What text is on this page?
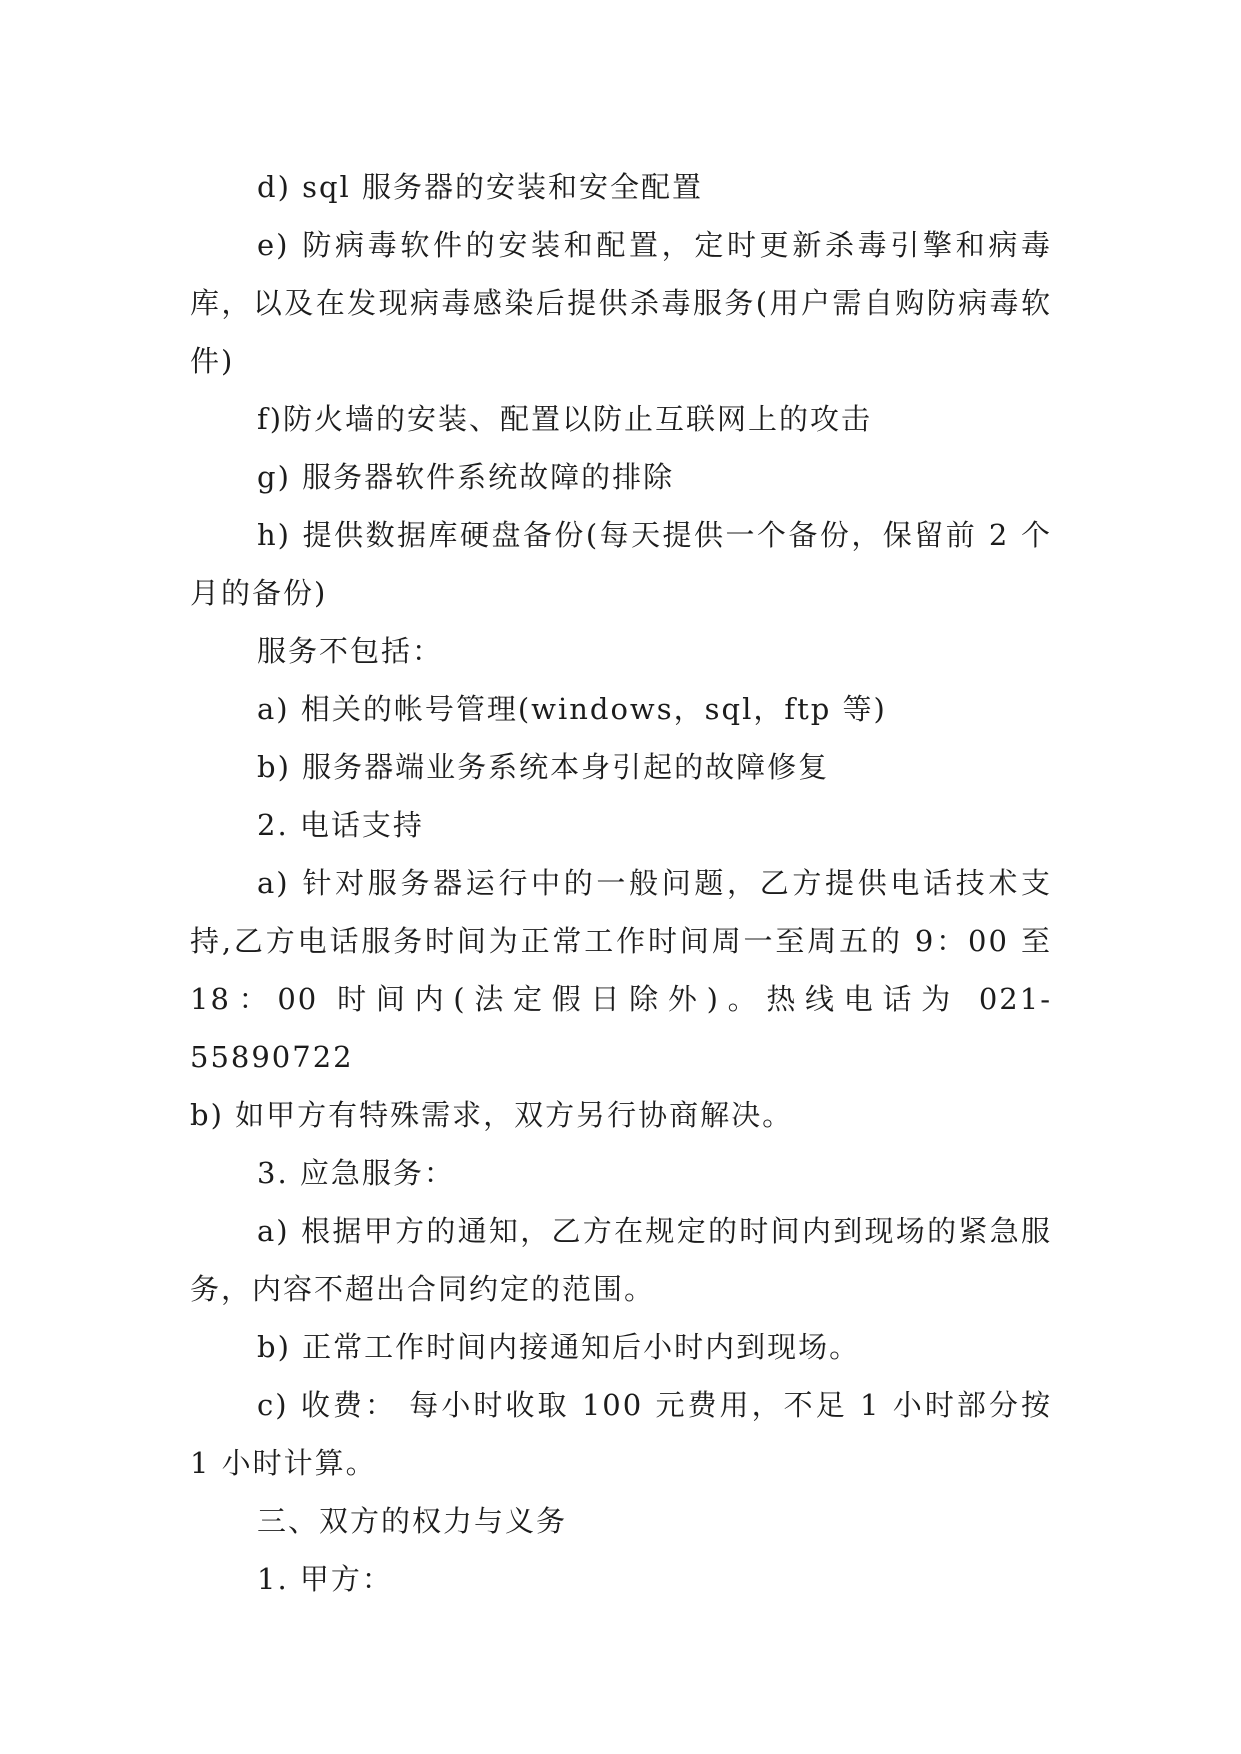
d) sql 服务器的安装和安全配置

e) 防病毒软件的安装和配置，定时更新杀毒引擎和病毒库，以及在发现病毒感染后提供杀毒服务(用户需自购防病毒软件)

f)防火墙的安装、配置以防止互联网上的攻击

g) 服务器软件系统故障的排除

h) 提供数据库硬盘备份(每天提供一个备份，保留前 2 个月的备份)

服务不包括：

a) 相关的帐号管理(windows，sql，ftp 等)

b) 服务器端业务系统本身引起的故障修复

2. 电话支持

a) 针对服务器运行中的一般问题，乙方提供电话技术支持,乙方电话服务时间为正常工作时间周一至周五的 9：00 至 18：00 时间内(法定假日除外)。热线电话为 021-55890722

b) 如甲方有特殊需求，双方另行协商解决。

3. 应急服务：

a) 根据甲方的通知，乙方在规定的时间内到现场的紧急服务，内容不超出合同约定的范围。

b) 正常工作时间内接通知后小时内到现场。

c) 收费： 每小时收取 100 元费用，不足 1 小时部分按 1 小时计算。

三、双方的权力与义务

1. 甲方：
